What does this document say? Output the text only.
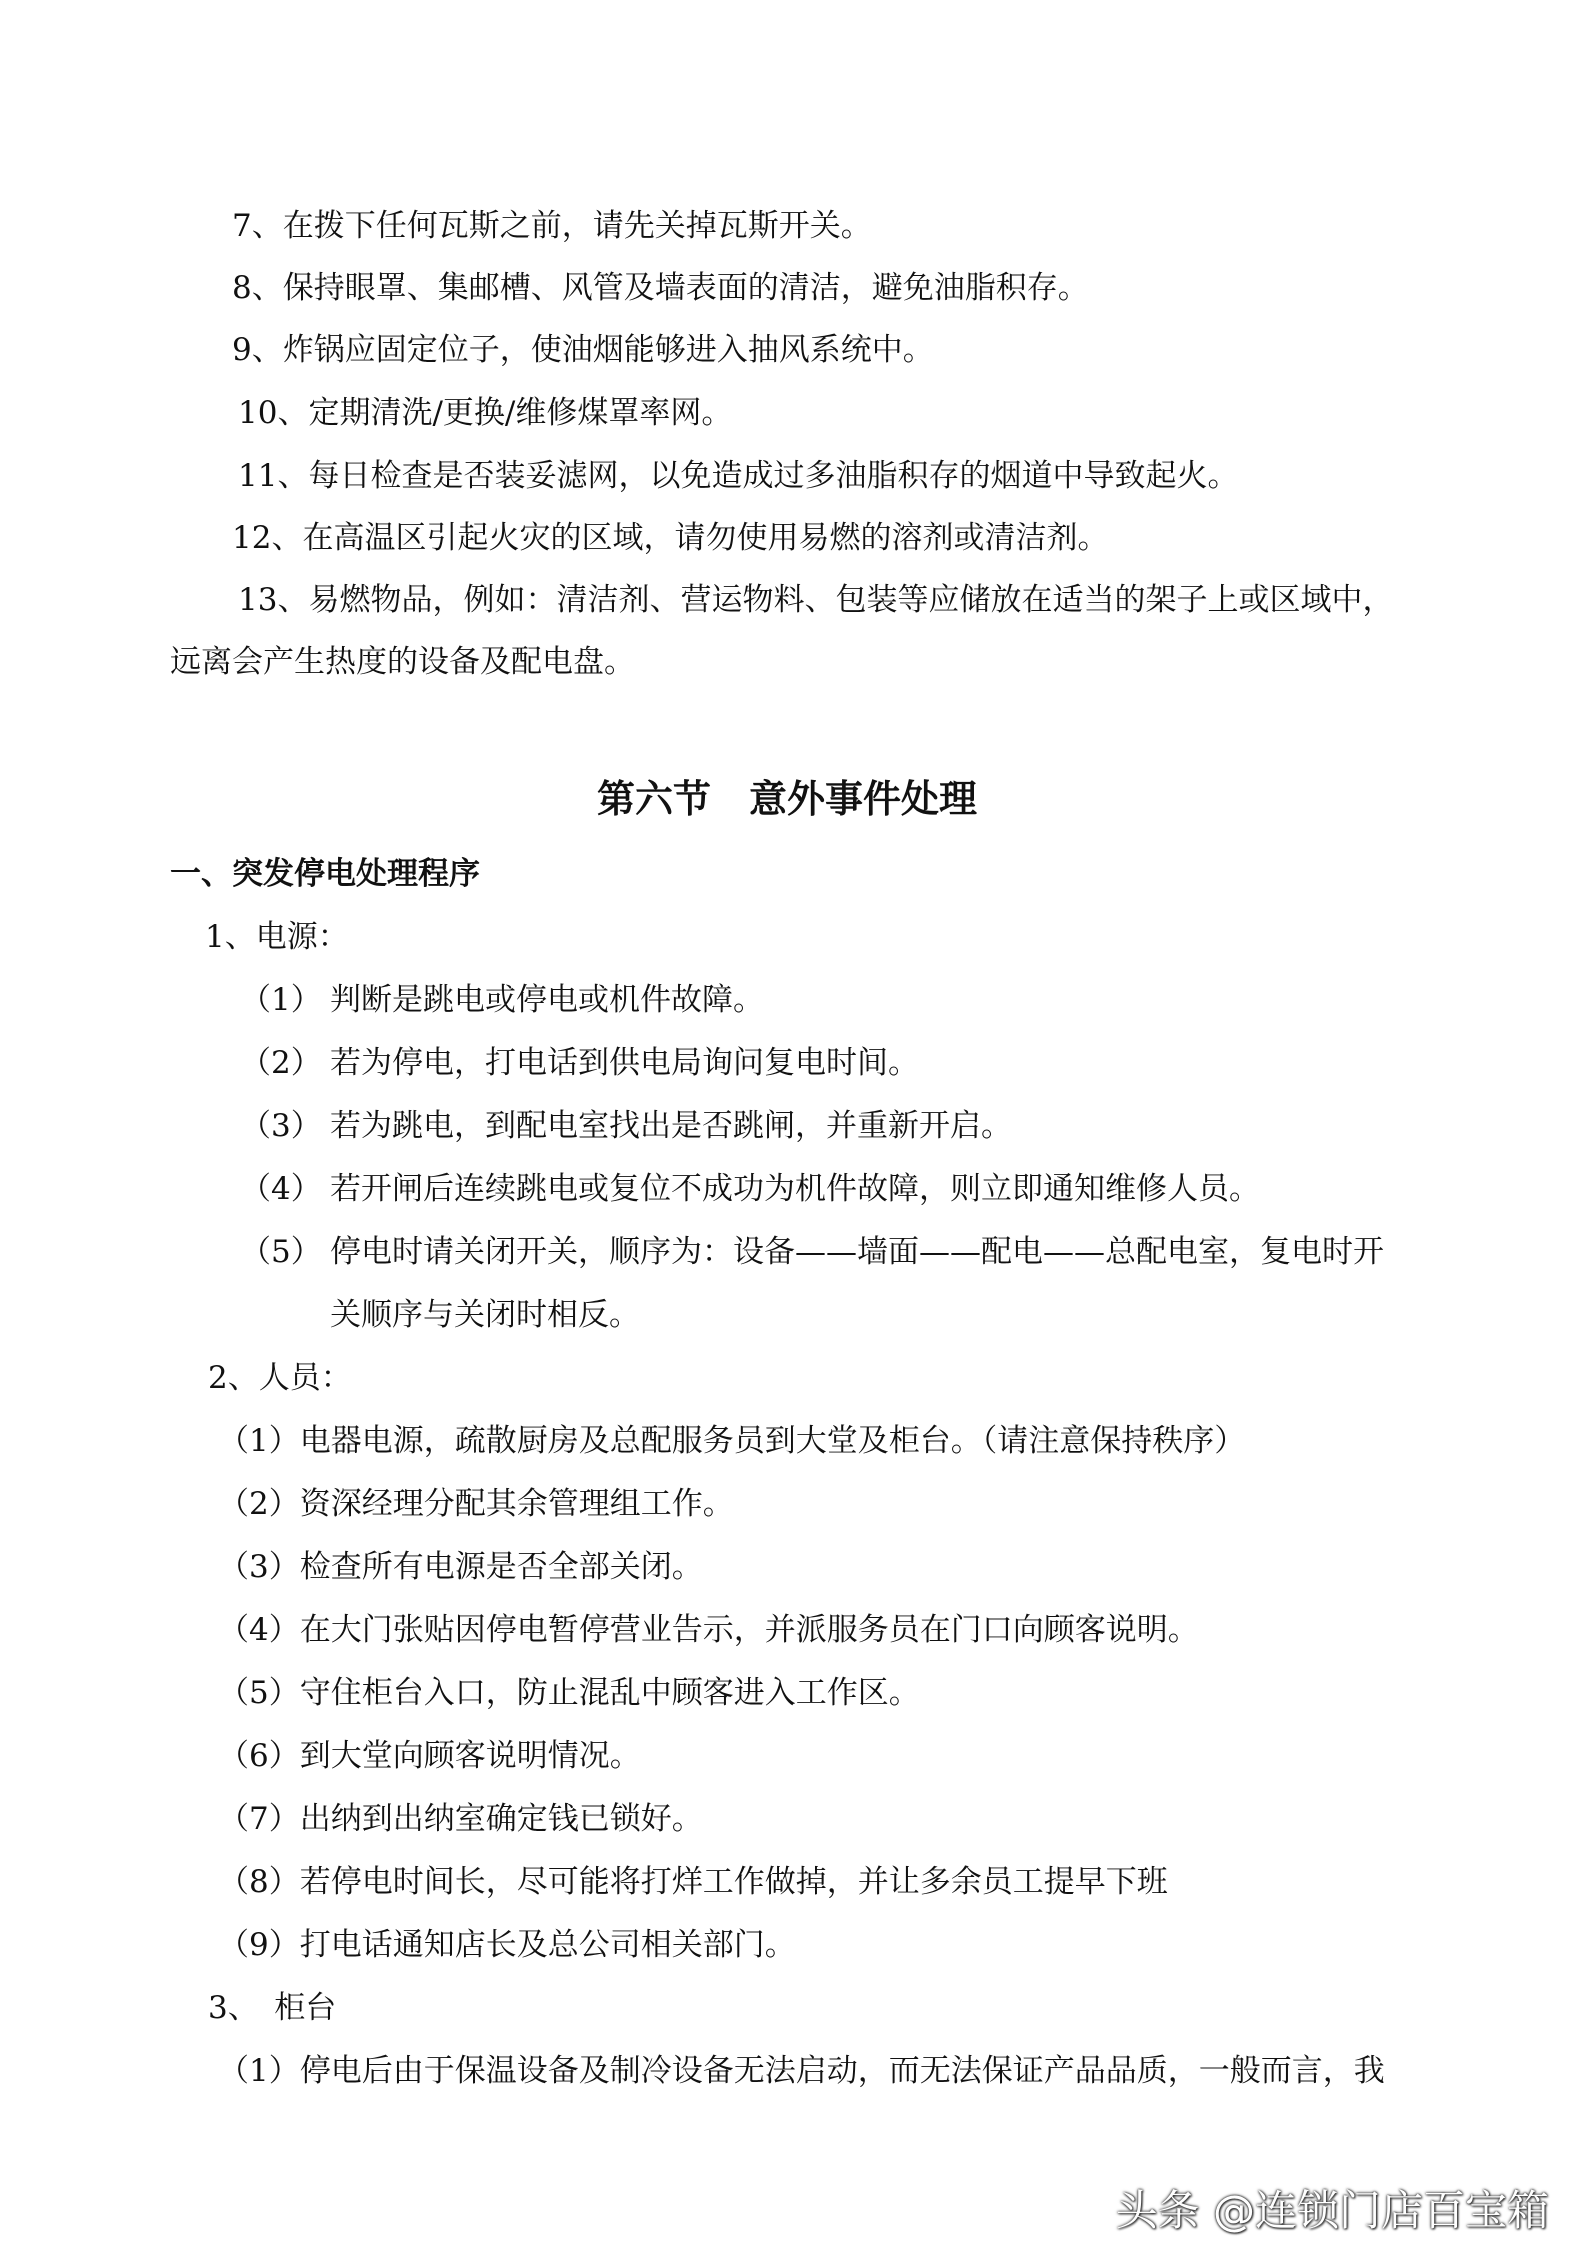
7、在拨下任何瓦斯之前，请先关掉瓦斯开关。
8、保持眼罩、集邮槽、风管及墙表面的清洁，避免油脂积存。
9、炸锅应固定位子，使油烟能够进入抽风系统中。
10、定期清洗/更换/维修煤罩率网。
11、每日检查是否装妥滤网，以免造成过多油脂积存的烟道中导致起火。
12、在高温区引起火灾的区域，请勿使用易燃的溶剂或清洁剂。
13、易燃物品，例如：清洁剂、营运物料、包装等应储放在适当的架子上或区域中，
远离会产生热度的设备及配电盘。
第六节　意外事件处理
一、突发停电处理程序
1、电源：
（1） 判断是跳电或停电或机件故障。
（2） 若为停电，打电话到供电局询问复电时间。
（3） 若为跳电，到配电室找出是否跳闸，并重新开启。
（4） 若开闸后连续跳电或复位不成功为机件故障，则立即通知维修人员。
（5） 停电时请关闭开关，顺序为：设备——墙面——配电——总配电室，复电时开
关顺序与关闭时相反。
2、人员：
（1）电器电源，疏散厨房及总配服务员到大堂及柜台。（请注意保持秩序）
（2）资深经理分配其余管理组工作。
（3）检查所有电源是否全部关闭。
（4）在大门张贴因停电暂停营业告示，并派服务员在门口向顾客说明。
（5）守住柜台入口，防止混乱中顾客进入工作区。
（6）到大堂向顾客说明情况。
（7）出纳到出纳室确定钱已锁好。
（8）若停电时间长，尽可能将打烊工作做掉，并让多余员工提早下班
（9）打电话通知店长及总公司相关部门。
3、　柜台
（1）停电后由于保温设备及制冷设备无法启动，而无法保证产品品质，一般而言，我
头条 @连锁门店百宝箱
